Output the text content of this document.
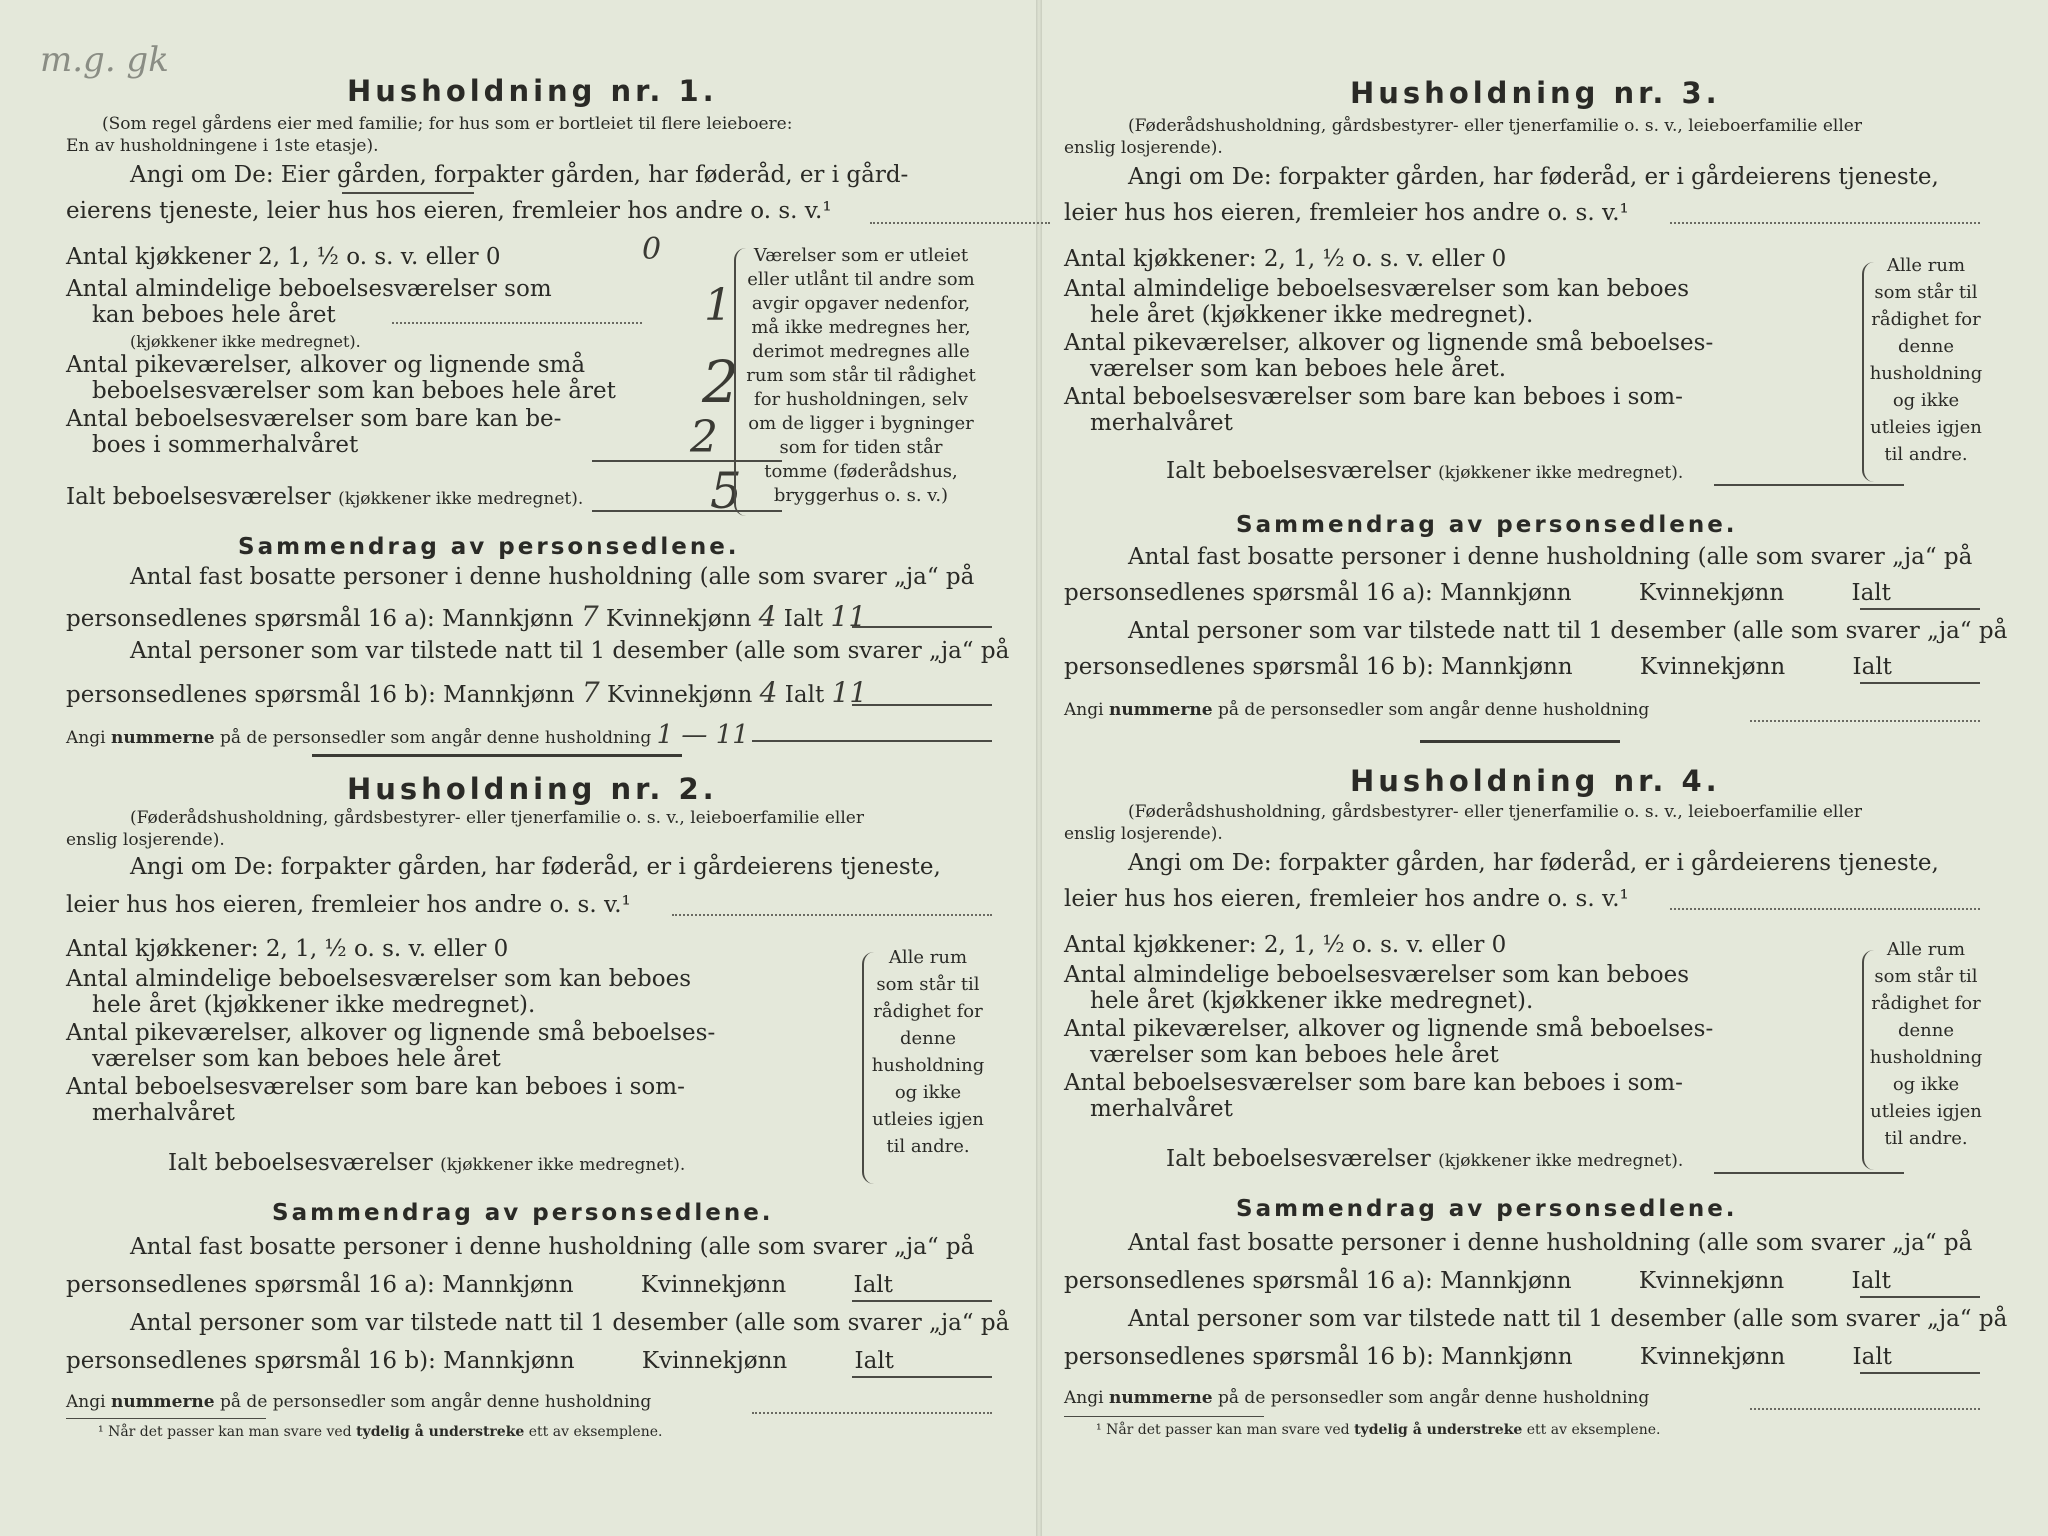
m.g. gk
Husholdning nr. 1.
(Som regel gårdens eier med familie; for hus som er bortleiet til flere leieboere:
En av husholdningene i 1ste etasje).
Angi om De: Eier gården, forpakter gården, har føderåd, er i gård-
eierens tjeneste, leier hus hos eieren, fremleier hos andre o. s. v.¹
Antal kjøkkener 2, 1, ½ o. s. v. eller 0	0
Antal almindelige beboelsesværelser som
kan beboes hele året	1
(kjøkkener ikke medregnet).
Antal pikeværelser, alkover og lignende små
beboelsesværelser som kan beboes hele året 2
Antal beboelsesværelser som bare kan be-
boes i sommerhalvåret	2
Ialt beboelsesværelser (kjøkkener ikke medregnet).	5
Værelser som er utleiet eller utlånt til andre som avgir opgaver nedenfor, må ikke medregnes her, derimot medregnes alle rum som står til rådighet for husholdningen, selv om de ligger i bygninger som for tiden står tomme (føderådshus, bryggerhus o. s. v.)
Sammendrag av personsedlene.
Antal fast bosatte personer i denne husholdning (alle som svarer „ja“ på
personsedlenes spørsmål 16 a): Mannkjønn 7 Kvinnekjønn 4 Ialt 11
Antal personer som var tilstede natt til 1 desember (alle som svarer „ja“ på
personsedlenes spørsmål 16 b): Mannkjønn 7 Kvinnekjønn 4 Ialt 11
Angi nummerne på de personsedler som angår denne husholdning 1 — 11
Husholdning nr. 2.
(Føderådshusholdning, gårdsbestyrer- eller tjenerfamilie o. s. v., leieboerfamilie eller
enslig losjerende).
Angi om De: forpakter gården, har føderåd, er i gårdeierens tjeneste,
leier hus hos eieren, fremleier hos andre o. s. v.¹
Antal kjøkkener: 2, 1, ½ o. s. v. eller 0
Antal almindelige beboelsesværelser som kan beboes
hele året (kjøkkener ikke medregnet).
Antal pikeværelser, alkover og lignende små beboelses-
værelser som kan beboes hele året
Antal beboelsesværelser som bare kan beboes i som-
merhalvåret
Ialt beboelsesværelser (kjøkkener ikke medregnet).
Alle rum som står til rådighet for denne husholdning og ikke utleies igjen til andre.
Sammendrag av personsedlene.
Antal fast bosatte personer i denne husholdning (alle som svarer „ja“ på
personsedlenes spørsmål 16 a): Mannkjønn	Kvinnekjønn	Ialt
Antal personer som var tilstede natt til 1 desember (alle som svarer „ja“ på
personsedlenes spørsmål 16 b): Mannkjønn	Kvinnekjønn	Ialt
Angi nummerne på de personsedler som angår denne husholdning
¹ Når det passer kan man svare ved tydelig å understreke ett av eksemplene.
Husholdning nr. 3.
(Føderådshusholdning, gårdsbestyrer- eller tjenerfamilie o. s. v., leieboerfamilie eller
enslig losjerende).
Angi om De: forpakter gården, har føderåd, er i gårdeierens tjeneste,
leier hus hos eieren, fremleier hos andre o. s. v.¹
Antal kjøkkener: 2, 1, ½ o. s. v. eller 0
Antal almindelige beboelsesværelser som kan beboes
hele året (kjøkkener ikke medregnet).
Antal pikeværelser, alkover og lignende små beboelses-
værelser som kan beboes hele året.
Antal beboelsesværelser som bare kan beboes i som-
merhalvåret
Ialt beboelsesværelser (kjøkkener ikke medregnet).
Alle rum som står til rådighet for denne husholdning og ikke utleies igjen til andre.
Sammendrag av personsedlene.
Antal fast bosatte personer i denne husholdning (alle som svarer „ja“ på
personsedlenes spørsmål 16 a): Mannkjønn	Kvinnekjønn	Ialt
Antal personer som var tilstede natt til 1 desember (alle som svarer „ja“ på
personsedlenes spørsmål 16 b): Mannkjønn	Kvinnekjønn	Ialt
Angi nummerne på de personsedler som angår denne husholdning
Husholdning nr. 4.
(Føderådshusholdning, gårdsbestyrer- eller tjenerfamilie o. s. v., leieboerfamilie eller
enslig losjerende).
Angi om De: forpakter gården, har føderåd, er i gårdeierens tjeneste,
leier hus hos eieren, fremleier hos andre o. s. v.¹
Antal kjøkkener: 2, 1, ½ o. s. v. eller 0
Antal almindelige beboelsesværelser som kan beboes
hele året (kjøkkener ikke medregnet).
Antal pikeværelser, alkover og lignende små beboelses-
værelser som kan beboes hele året
Antal beboelsesværelser som bare kan beboes i som-
merhalvåret
Ialt beboelsesværelser (kjøkkener ikke medregnet).
Alle rum som står til rådighet for denne husholdning og ikke utleies igjen til andre.
Sammendrag av personsedlene.
Antal fast bosatte personer i denne husholdning (alle som svarer „ja“ på
personsedlenes spørsmål 16 a): Mannkjønn	Kvinnekjønn	Ialt
Antal personer som var tilstede natt til 1 desember (alle som svarer „ja“ på
personsedlenes spørsmål 16 b): Mannkjønn	Kvinnekjønn	Ialt
Angi nummerne på de personsedler som angår denne husholdning
¹ Når det passer kan man svare ved tydelig å understreke ett av eksemplene.
